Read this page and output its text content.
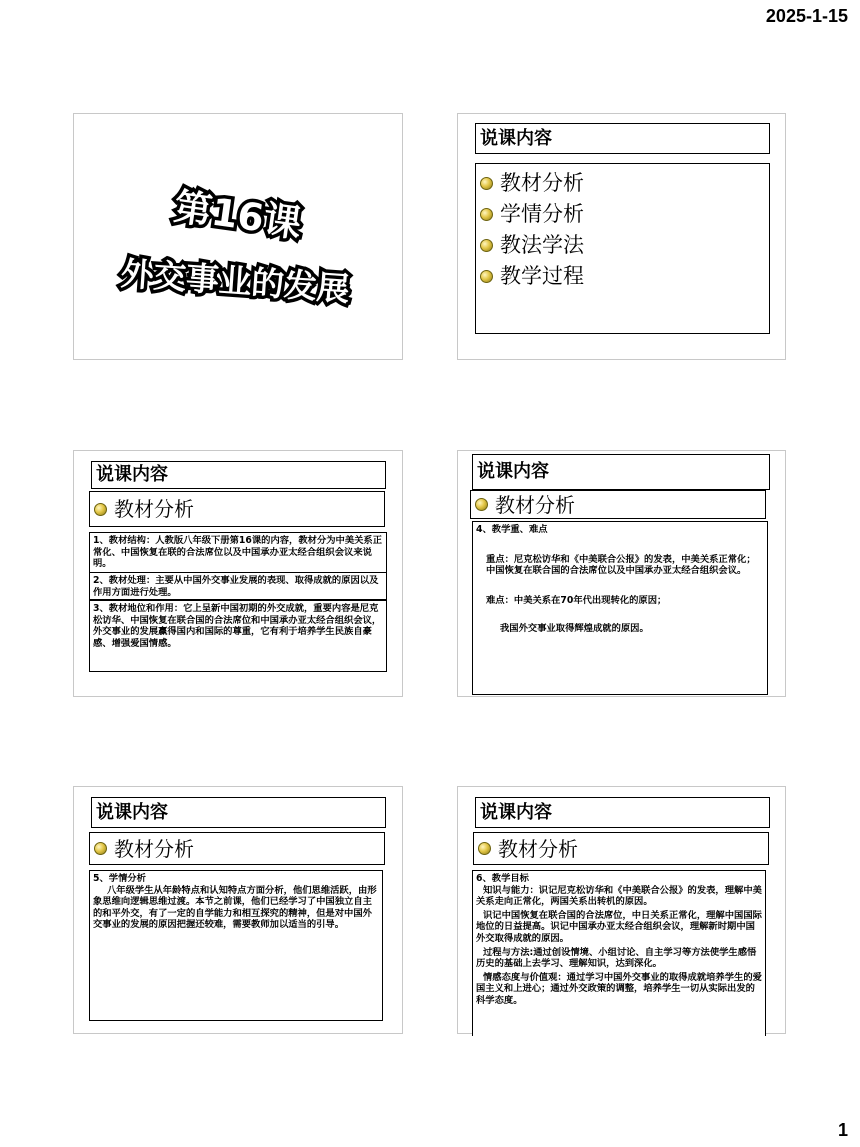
2025-1-15
第16课
外交事业的发展
说课内容
教材分析
学情分析
教法学法
教学过程
说课内容
教材分析

1、教材结构：人教版八年级下册第16课的内容，教材分为中美关系正常化、中国恢复在联的合法席位以及中国承办亚太经合组织会议来说明。

2、教材处理：主要从中国外交事业发展的表现、取得成就的原因以及作用方面进行处理。

3、教材地位和作用：它上呈新中国初期的外交成就，重要内容是尼克松访华、中国恢复在联合国的合法席位和中国承办亚太经合组织会议，外交事业的发展赢得国内和国际的尊重，它有利于培养学生民族自豪感、增强爱国情感。

说课内容
教材分析

4、教学重、难点

重点：尼克松访华和《中美联合公报》的发表，中美关系正常化；

中国恢复在联合国的合法席位以及中国承办亚太经合组织会议。

难点：中美关系在70年代出现转化的原因；

我国外交事业取得辉煌成就的原因。

说课内容
教材分析

5、学情分析

八年级学生从年龄特点和认知特点方面分析，他们思维活跃，由形象思维向逻辑思维过渡。本节之前课，他们已经学习了中国独立自主的和平外交，有了一定的自学能力和相互探究的精神，但是对中国外交事业的发展的原因把握还较难，需要教师加以适当的引导。

说课内容
教材分析

6、教学目标

知识与能力：识记尼克松访华和《中美联合公报》的发表，理解中美关系走向正常化，两国关系出转机的原因。

识记中国恢复在联合国的合法席位，中日关系正常化，理解中国国际地位的日益提高。识记中国承办亚太经合组织会议，理解新时期中国外交取得成就的原因。

过程与方法:通过创设情境、小组讨论、自主学习等方法使学生感悟历史的基础上去学习、理解知识，达到深化。

情感态度与价值观：通过学习中国外交事业的取得成就培养学生的爱国主义和上进心；通过外交政策的调整，培养学生一切从实际出发的科学态度。

1
